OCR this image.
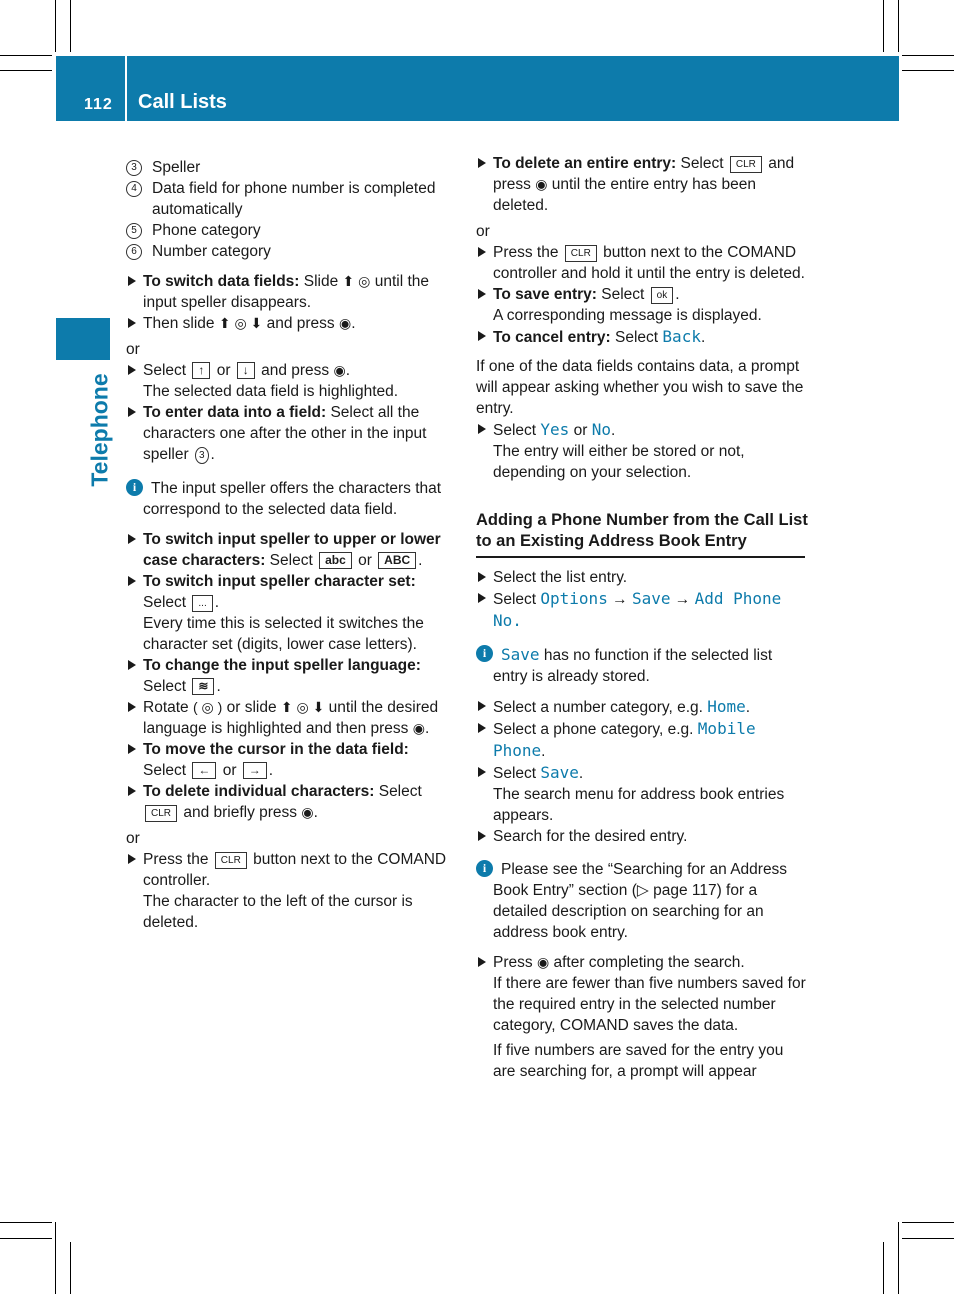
112 Call Lists
Telephone

3 Speller

4 Data field for phone number is completed automatically

5 Phone category

6 Number category

To switch data fields: Slide ⬆ ◎ until the input speller disappears.

Then slide ⬆ ◎ ⬇ and press ◉.

or

Select ↑ or ↓ and press ◉.
The selected data field is highlighted.

To enter data into a field: Select all the characters one after the other in the input speller 3 .

i The input speller offers the characters that correspond to the selected data field.

To switch input speller to upper or lower case characters: Select abc or ABC .

To switch input speller character set:
Select ... .
Every time this is selected it switches the character set (digits, lower case letters).

To change the input speller language:
Select ≋ .

Rotate ( ◎ ) or slide ⬆ ◎ ⬇ until the desired language is highlighted and then press ◉.

To move the cursor in the data field:
Select ← or → .

To delete individual characters: Select CLR and briefly press ◉.

or

Press the CLR button next to the COMAND controller.
The character to the left of the cursor is deleted.

To delete an entire entry: Select CLR and press ◉ until the entire entry has been deleted.

or

Press the CLR button next to the COMAND controller and hold it until the entry is deleted.

To save entry: Select ok .
A corresponding message is displayed.

To cancel entry: Select Back.

If one of the data fields contains data, a prompt will appear asking whether you wish to save the entry.

Select Yes or No.
The entry will either be stored or not, depending on your selection.

Adding a Phone Number from the Call List to an Existing Address Book Entry

Select the list entry.

Select Options → Save → Add Phone No.

i Save has no function if the selected list entry is already stored.

Select a number category, e.g. Home.

Select a phone category, e.g. Mobile Phone.

Select Save.
The search menu for address book entries appears.

Search for the desired entry.

i Please see the “Searching for an Address Book Entry” section (▷ page 117) for a detailed description on searching for an address book entry.

Press ◉ after completing the search.
If there are fewer than five numbers saved for the required entry in the selected number category, COMAND saves the data.

If five numbers are saved for the entry you are searching for, a prompt will appear
